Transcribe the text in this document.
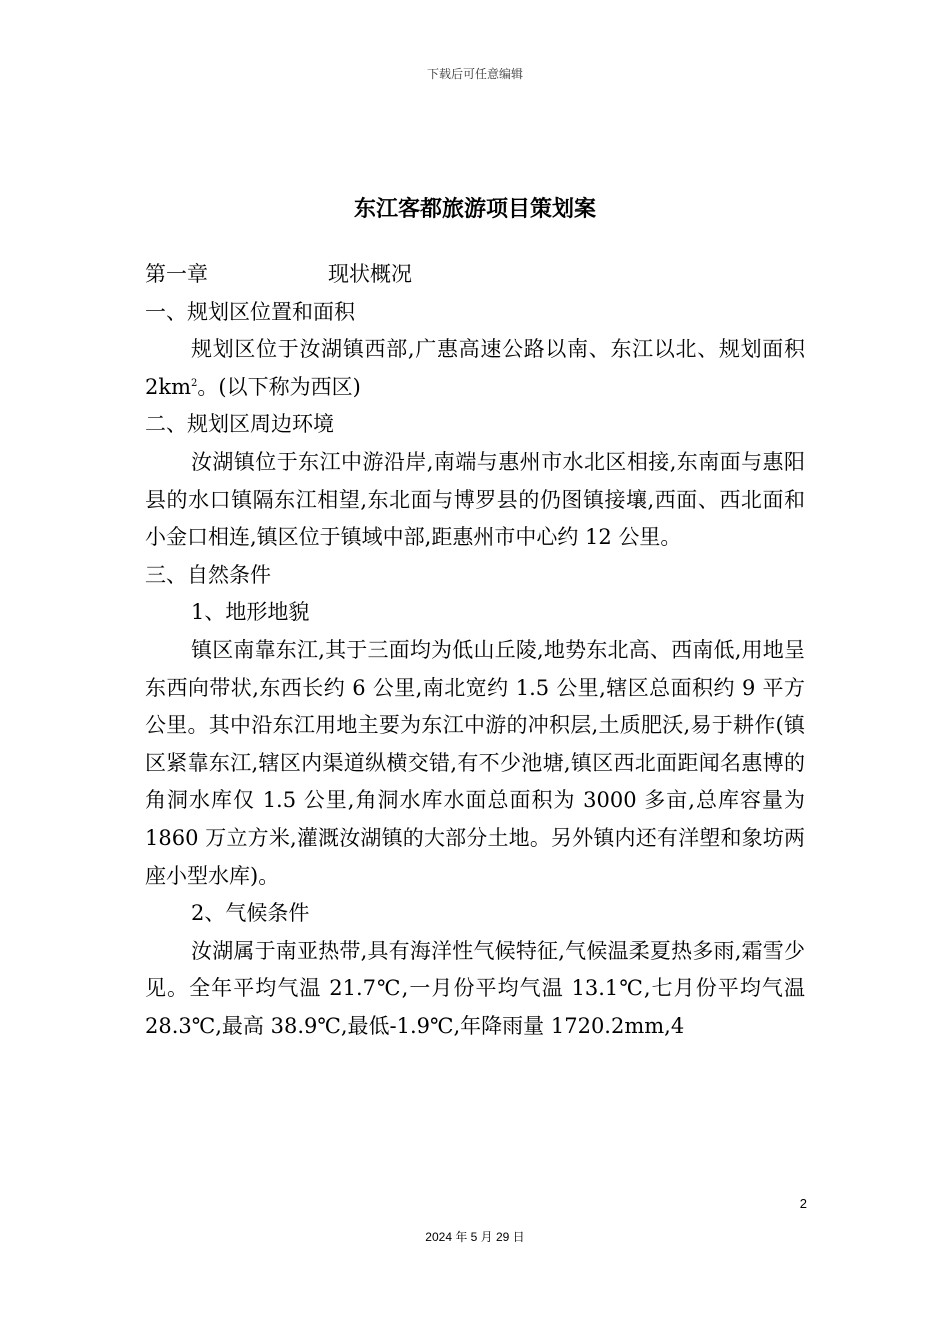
下载后可任意编辑
东江客都旅游项目策划案

第一章	现状概况

一、规划区位置和面积

规划区位于汝湖镇西部,广惠高速公路以南、东江以北、规划面积 $2km^2$。(以下称为西区)

二、规划区周边环境

汝湖镇位于东江中游沿岸,南端与惠州市水北区相接,东南面与惠阳县的水口镇隔东江相望,东北面与博罗县的仍图镇接壤,西面、西北面和小金口相连,镇区位于镇域中部,距惠州市中心约 12 公里。

三、自然条件

1、地形地貌

镇区南靠东江,其于三面均为低山丘陵,地势东北高、西南低,用地呈东西向带状,东西长约 6 公里,南北宽约 1.5 公里,辖区总面积约 9 平方公里。其中沿东江用地主要为东江中游的冲积层,土质肥沃,易于耕作(镇区紧靠东江,辖区内渠道纵横交错,有不少池塘,镇区西北面距闻名惠博的角洞水库仅 1.5 公里,角洞水库水面总面积为 3000 多亩,总库容量为 1860 万立方米,灌溉汝湖镇的大部分土地。另外镇内还有洋塱和象坊两座小型水库)。

2、气候条件

汝湖属于南亚热带,具有海洋性气候特征,气候温柔夏热多雨,霜雪少见。全年平均气温 21.7℃,一月份平均气温 13.1℃,七月份平均气温 28.3℃,最高 38.9℃,最低-1.9℃,年降雨量 1720.2mm,4

2
2024 年 5 月 29 日
